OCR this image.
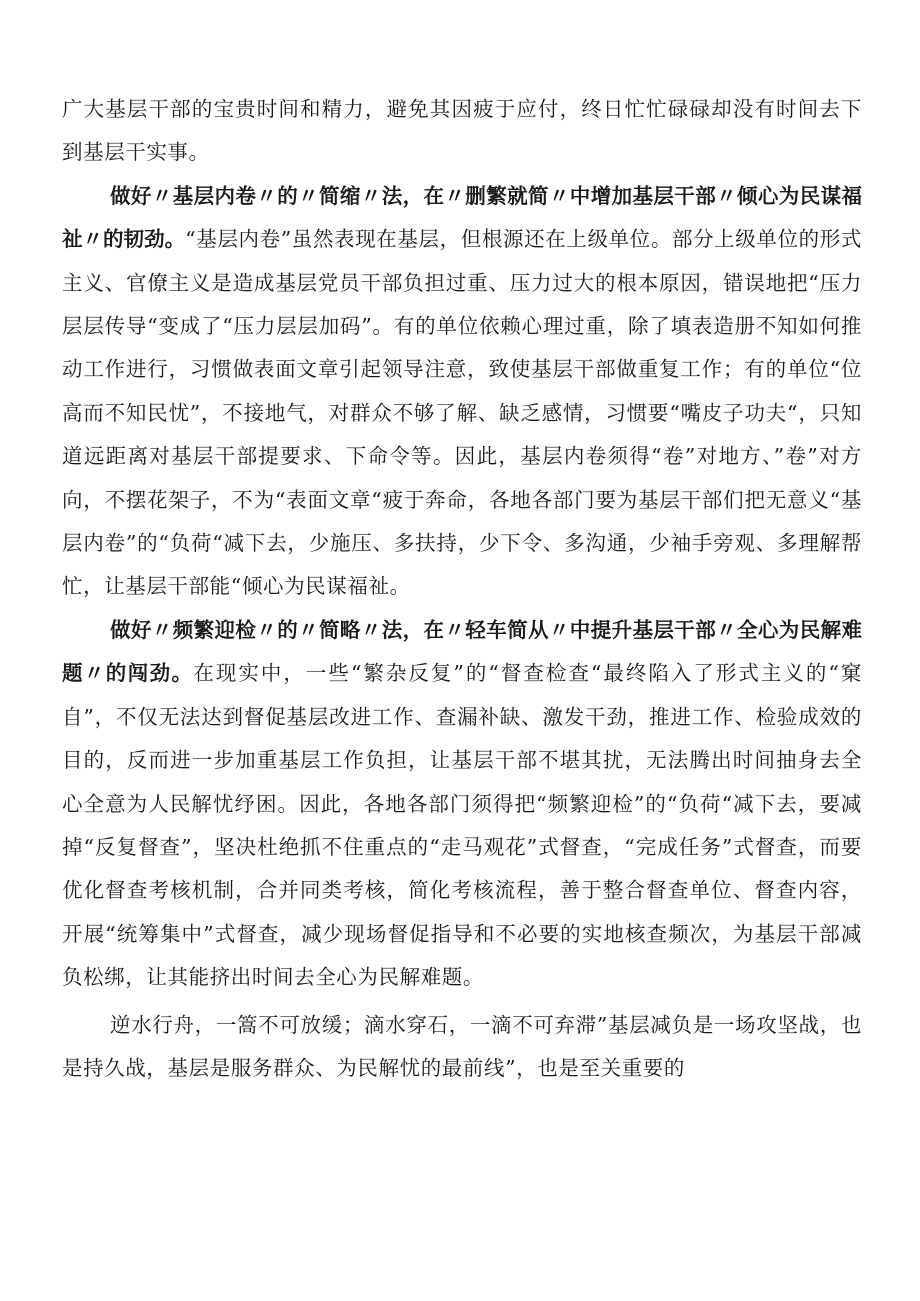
广大基层干部的宝贵时间和精力，避免其因疲于应付，终日忙忙碌碌却没有时间去下到基层干实事。

做好〃基层内卷〃的〃简缩〃法，在〃删繁就简〃中增加基层干部〃倾心为民谋福祉〃的韧劲。“基层内卷”虽然表现在基层，但根源还在上级单位。部分上级单位的形式主义、官僚主义是造成基层党员干部负担过重、压力过大的根本原因，错误地把“压力层层传导“变成了“压力层层加码”。有的单位依赖心理过重，除了填表造册不知如何推动工作进行，习惯做表面文章引起领导注意，致使基层干部做重复工作；有的单位“位高而不知民忧”，不接地气，对群众不够了解、缺乏感情，习惯要“嘴皮子功夫“，只知道远距离对基层干部提要求、下命令等。因此，基层内卷须得“卷”对地方、”卷”对方向，不摆花架子，不为“表面文章“疲于奔命，各地各部门要为基层干部们把无意义“基层内卷”的“负荷“减下去，少施压、多扶持，少下令、多沟通，少袖手旁观、多理解帮忙，让基层干部能“倾心为民谋福祉。

做好〃频繁迎检〃的〃简略〃法，在〃轻车简从〃中提升基层干部〃全心为民解难题〃的闯劲。在现实中，一些“繁杂反复”的“督查检查“最终陷入了形式主义的“窠自”，不仅无法达到督促基层改进工作、查漏补缺、激发干劲，推进工作、检验成效的目的，反而进一步加重基层工作负担，让基层干部不堪其扰，无法腾出时间抽身去全心全意为人民解忧纾困。因此，各地各部门须得把“频繁迎检”的“负荷“减下去，要减掉“反复督查”，坚决杜绝抓不住重点的“走马观花”式督查，“完成任务”式督查，而要优化督查考核机制，合并同类考核，简化考核流程，善于整合督查单位、督查内容，开展“统筹集中”式督查，减少现场督促指导和不必要的实地核查频次，为基层干部减负松绑，让其能挤出时间去全心为民解难题。

逆水行舟，一篙不可放缓；滴水穿石，一滴不可弃滞”基层减负是一场攻坚战，也是持久战，基层是服务群众、为民解忧的最前线”，也是至关重要的
